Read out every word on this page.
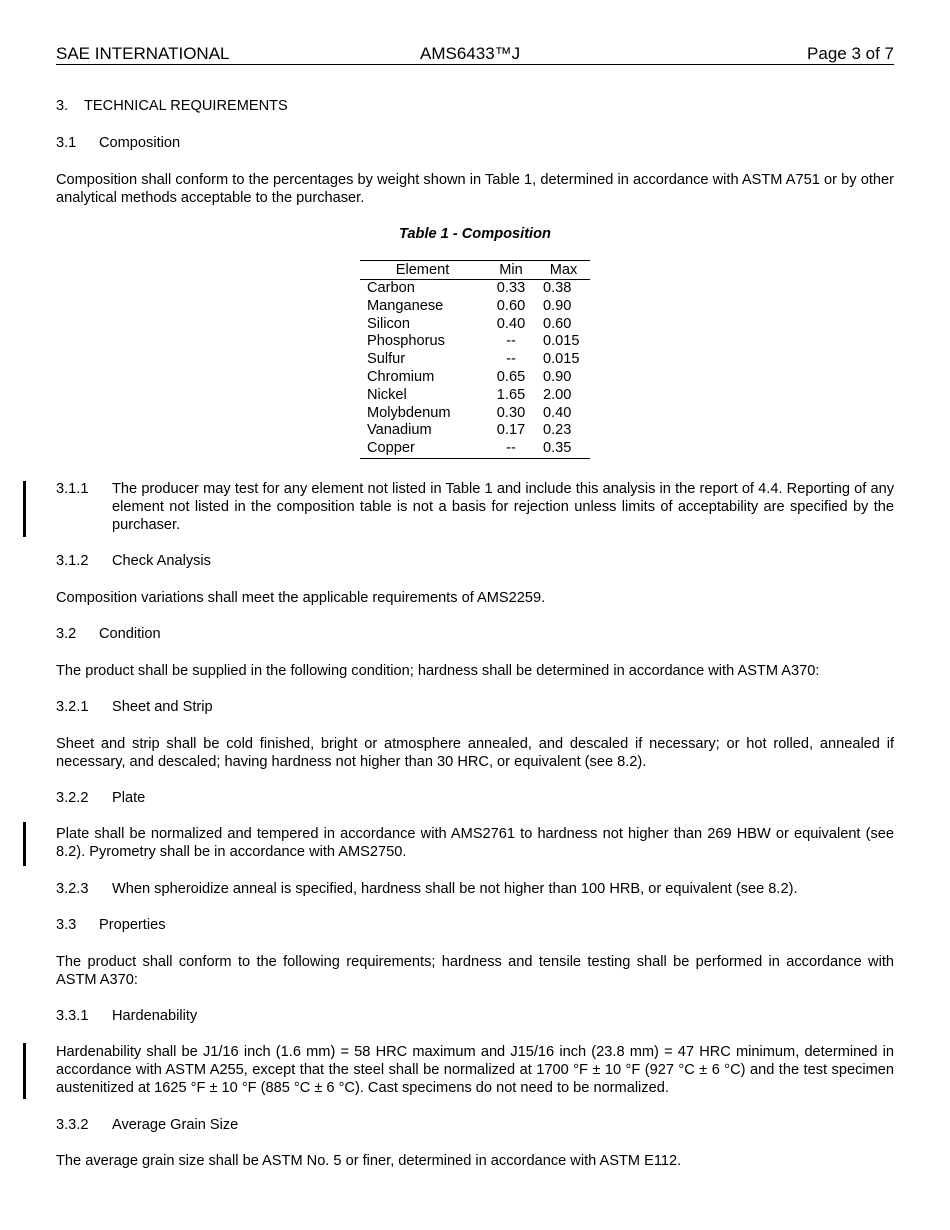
SAE INTERNATIONAL	AMS6433™J	Page 3 of 7
3. TECHNICAL REQUIREMENTS
3.1 Composition
Composition shall conform to the percentages by weight shown in Table 1, determined in accordance with ASTM A751 or by other analytical methods acceptable to the purchaser.
Table 1 - Composition
Element	Min	Max
Carbon	0.33	0.38
Manganese	0.60	0.90
Silicon	0.40	0.60
Phosphorus	--	0.015
Sulfur	--	0.015
Chromium	0.65	0.90
Nickel	1.65	2.00
Molybdenum	0.30	0.40
Vanadium	0.17	0.23
Copper	--	0.35
3.1.1 The producer may test for any element not listed in Table 1 and include this analysis in the report of 4.4. Reporting of any element not listed in the composition table is not a basis for rejection unless limits of acceptability are specified by the purchaser.
3.1.2 Check Analysis
Composition variations shall meet the applicable requirements of AMS2259.
3.2 Condition
The product shall be supplied in the following condition; hardness shall be determined in accordance with ASTM A370:
3.2.1 Sheet and Strip
Sheet and strip shall be cold finished, bright or atmosphere annealed, and descaled if necessary; or hot rolled, annealed if necessary, and descaled; having hardness not higher than 30 HRC, or equivalent (see 8.2).
3.2.2 Plate
Plate shall be normalized and tempered in accordance with AMS2761 to hardness not higher than 269 HBW or equivalent (see 8.2). Pyrometry shall be in accordance with AMS2750.
3.2.3 When spheroidize anneal is specified, hardness shall be not higher than 100 HRB, or equivalent (see 8.2).
3.3 Properties
The product shall conform to the following requirements; hardness and tensile testing shall be performed in accordance with ASTM A370:
3.3.1 Hardenability
Hardenability shall be J1/16 inch (1.6 mm) = 58 HRC maximum and J15/16 inch (23.8 mm) = 47 HRC minimum, determined in accordance with ASTM A255, except that the steel shall be normalized at 1700 °F ± 10 °F (927 °C ± 6 °C) and the test specimen austenitized at 1625 °F ± 10 °F (885 °C ± 6 °C). Cast specimens do not need to be normalized.
3.3.2 Average Grain Size
The average grain size shall be ASTM No. 5 or finer, determined in accordance with ASTM E112.
